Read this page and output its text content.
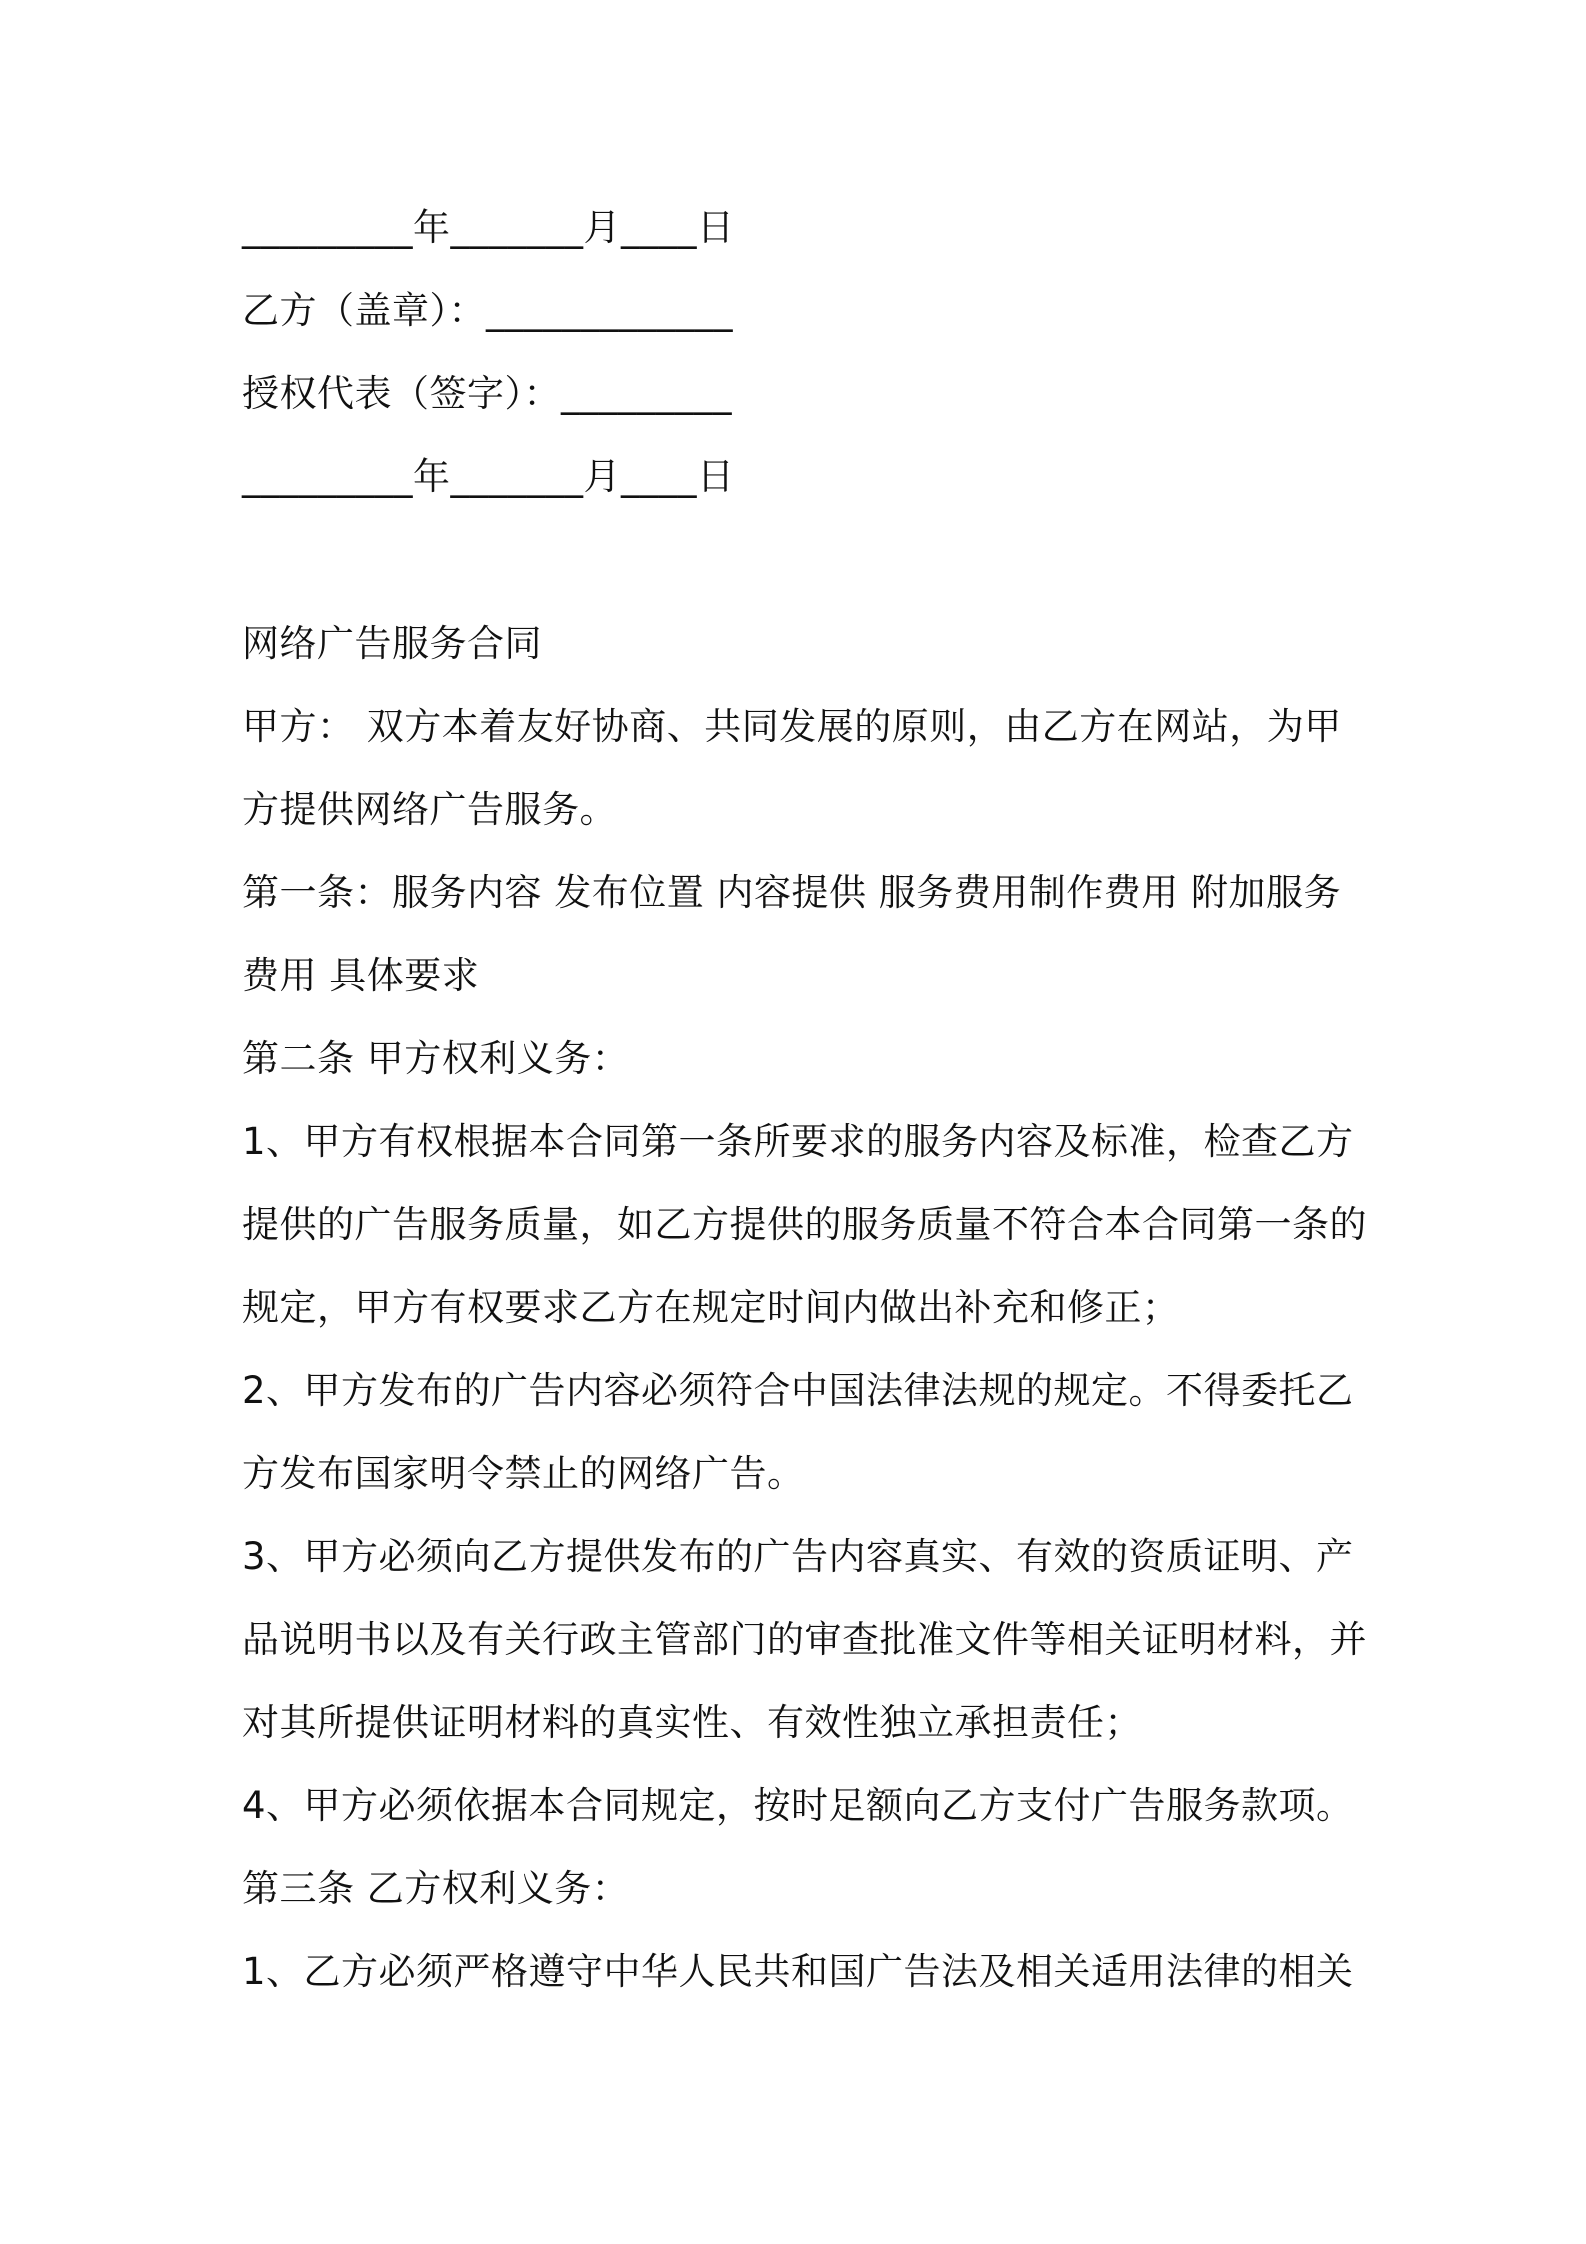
_________年_______月____日
乙方（盖章）：_____________
授权代表（签字）：_________
_________年_______月____日
网络广告服务合同
甲方： 双方本着友好协商、共同发展的原则，由乙方在网站，为甲
方提供网络广告服务。
第一条：服务内容 发布位置 内容提供 服务费用制作费用 附加服务
费用 具体要求
第二条 甲方权利义务：
1、甲方有权根据本合同第一条所要求的服务内容及标准，检查乙方
提供的广告服务质量，如乙方提供的服务质量不符合本合同第一条的
规定，甲方有权要求乙方在规定时间内做出补充和修正；
2、甲方发布的广告内容必须符合中国法律法规的规定。不得委托乙
方发布国家明令禁止的网络广告。
3、甲方必须向乙方提供发布的广告内容真实、有效的资质证明、产
品说明书以及有关行政主管部门的审查批准文件等相关证明材料，并
对其所提供证明材料的真实性、有效性独立承担责任；
4、甲方必须依据本合同规定，按时足额向乙方支付广告服务款项。
第三条 乙方权利义务：
1、乙方必须严格遵守中华人民共和国广告法及相关适用法律的相关
